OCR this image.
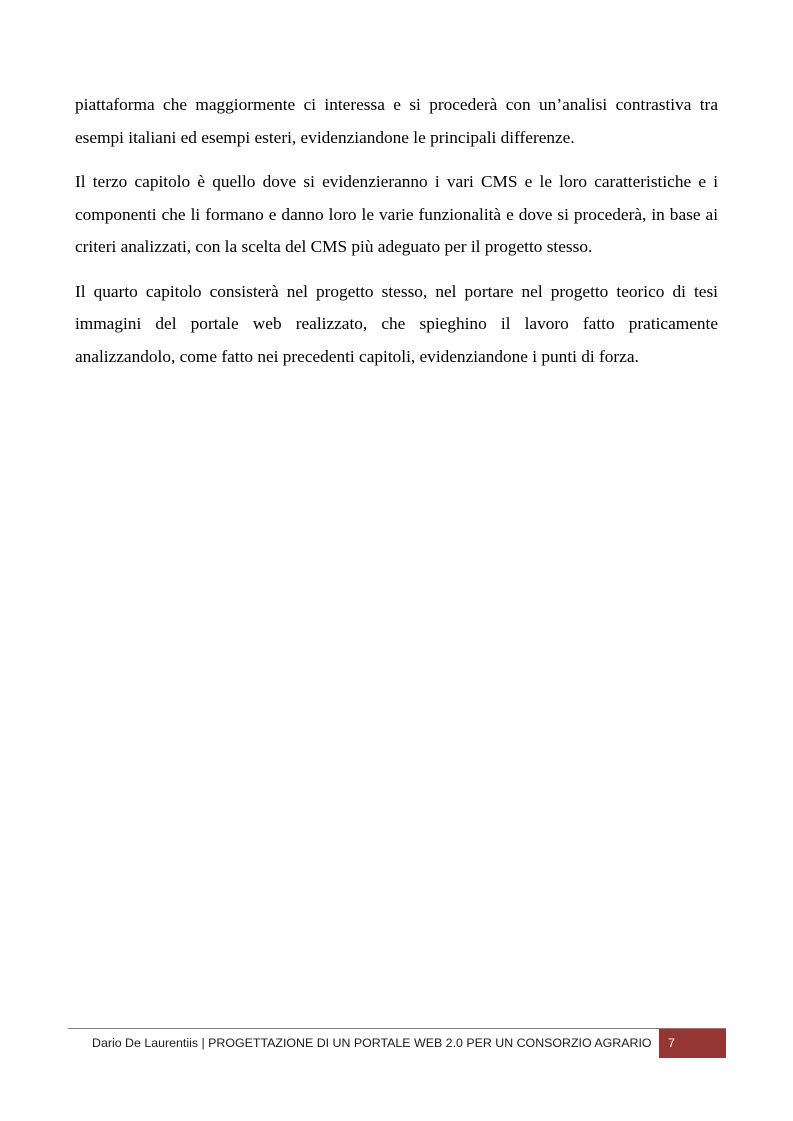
piattaforma che maggiormente ci interessa e si procederà con un’analisi contrastiva tra esempi italiani ed esempi esteri, evidenziandone le principali differenze.

Il terzo capitolo è quello dove si evidenzieranno i vari CMS e le loro caratteristiche e i componenti che li formano e danno loro le varie funzionalità e dove si procederà, in base ai criteri analizzati, con la scelta del CMS più adeguato per il progetto stesso.

Il quarto capitolo consisterà nel progetto stesso, nel portare nel progetto teorico di tesi immagini del portale web realizzato, che spieghino il lavoro fatto praticamente analizzandolo, come fatto nei precedenti capitoli, evidenziandone i punti di forza.

Dario De Laurentiis | PROGETTAZIONE DI UN PORTALE WEB 2.0 PER UN CONSORZIO AGRARIO 7
